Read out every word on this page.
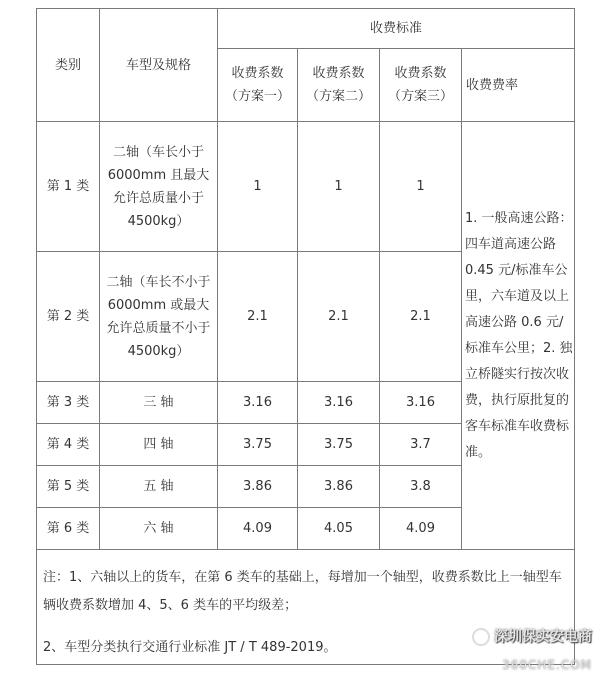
类别	车型及规格	收费标准			
		收费系数（方案一）	收费系数（方案二）	收费系数（方案三）	收费费率
第 1 类	二轴（车长小于 6000mm 且最大允许总质量小于 4500kg）	1	1	1	1. 一般高速公路：四车道高速公路 0.45 元/标准车公里，六车道及以上高速公路 0.6 元/ 标准车公里；2. 独立桥隧实行按次收费，执行原批复的客车标准车收费标准。
第 2 类	二轴（车长不小于 6000mm 或最大允许总质量不小于 4500kg）	2.1	2.1	2.1	
第 3 类	三 轴	3.16	3.16	3.16	
第 4 类	四 轴	3.75	3.75	3.7	
第 5 类	五 轴	3.86	3.86	3.8	
第 6 类	六 轴	4.09	4.05	4.09	

注：1、六轴以上的货车，在第 6 类车的基础上，每增加一个轴型，收费系数比上一轴型车辆收费系数增加 4、5、6 类车的平均级差；

2、车型分类执行交通行业标准 JT / T 489-2019。					

深圳保实安电商
360CHE.COM
